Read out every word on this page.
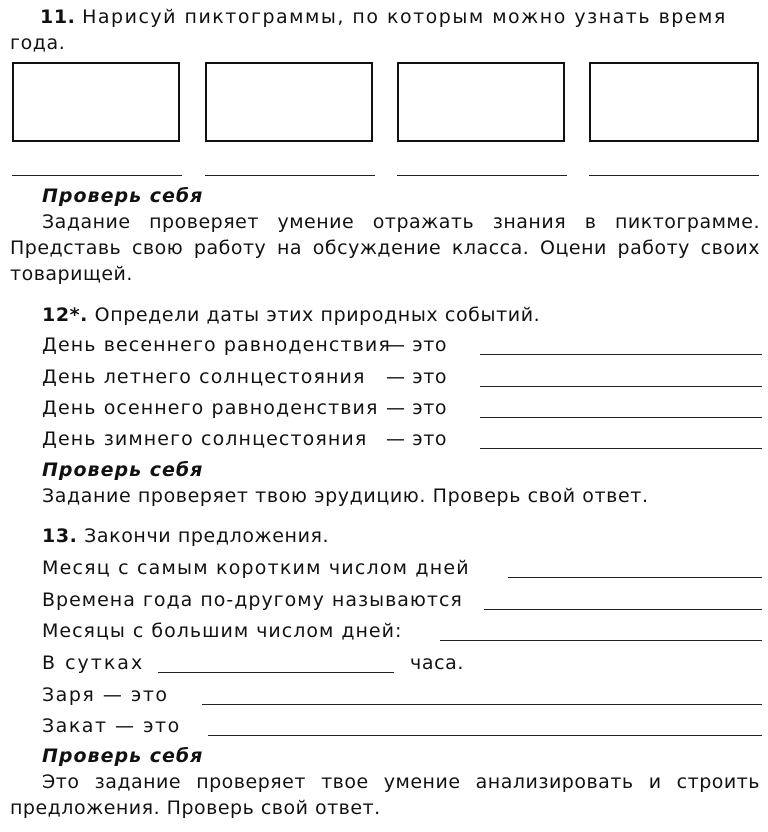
11. Нарисуй пиктограммы, по которым можно узнать время
года.
Проверь себя
Задание проверяет умение отражать знания в пиктограмме. Представь свою работу на обсуждение класса. Оцени работу своих товарищей.
12*. Определи даты этих природных событий.
День весеннего равноденствия
— это
День летнего солнцестояния — это
День осеннего равноденствия — это
День зимнего солнцестояния — это
Проверь себя
Задание проверяет твою эрудицию. Проверь свой ответ.
13. Закончи предложения.
Месяц с самым коротким числом дней
Времена года по-другому называются
Месяцы с большим числом дней:
В сутках	часа.
Заря — это
Закат — это
Проверь себя
Это задание проверяет твое умение анализировать и строить предложения. Проверь свой ответ.
